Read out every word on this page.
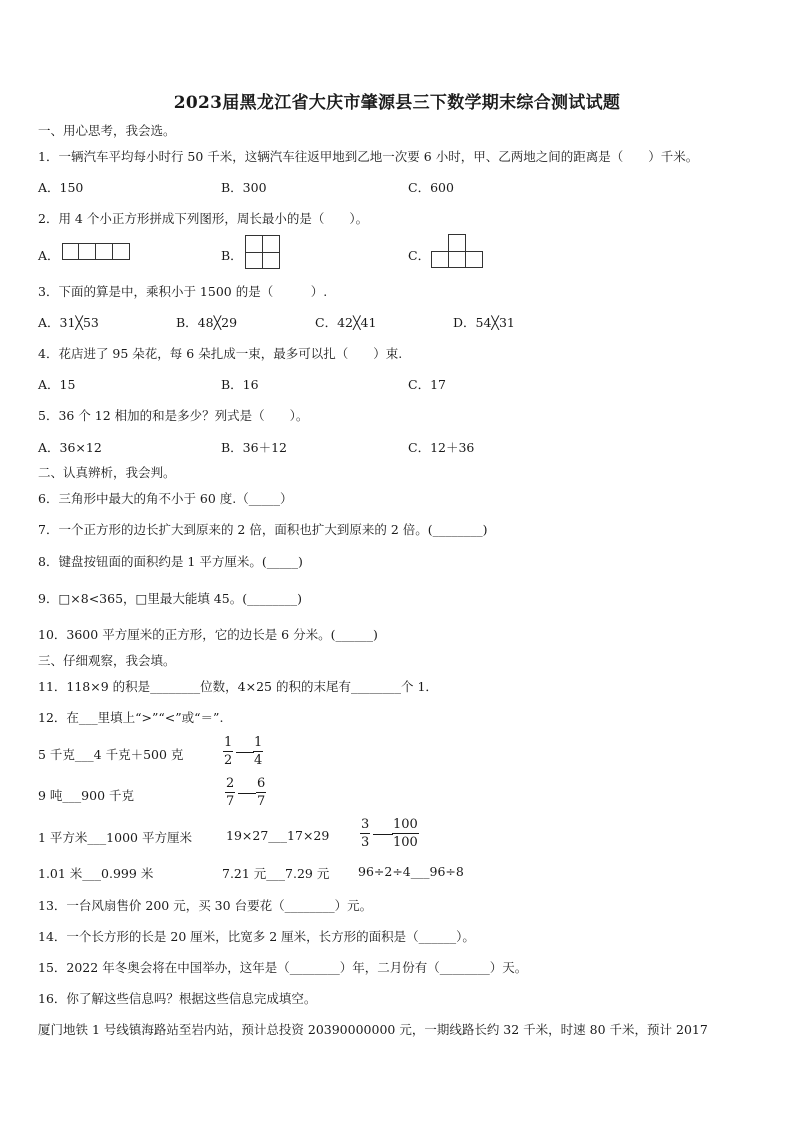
2023届黑龙江省大庆市肇源县三下数学期末综合测试试题
一、用心思考，我会选。
1．一辆汽车平均每小时行 50 千米，这辆汽车往返甲地到乙地一次要 6 小时，甲、乙两地之间的距离是（　　）千米。
A．150	B．300	C．600
2．用 4 个小正方形拼成下列图形，周长最小的是（　　）。
A．	B．	C．
3．下面的算是中，乘积小于 1500 的是（　　　）.
A．31╳53	B．48╳29	C．42╳41	D．54╳31
4．花店进了 95 朵花，每 6 朵扎成一束，最多可以扎（　　）束.
A．15	B．16	C．17
5．36 个 12 相加的和是多少？列式是（　　）。
A．36×12	B．36＋12	C．12＋36
二、认真辨析，我会判。
6．三角形中最大的角不小于 60 度.（_____）
7．一个正方形的边长扩大到原来的 2 倍，面积也扩大到原来的 2 倍。(________)
8．键盘按钮面的面积约是 1 平方厘米。(_____)
9．□×8<365，□里最大能填 45。(________)
10．3600 平方厘米的正方形，它的边长是 6 分米。(______)
三、仔细观察，我会填。
11．118×9 的积是________位数，4×25 的积的末尾有________个 1．
12．在___里填上“>”“<”或“＝”.
5 千克___4 千克＋500 克
1
2
1
4
9 吨___900 千克
2
7
6
7
1 平方米___1000 平方厘米	19×27___17×29
3
3
100
100
1.01 米___0.999 米	7.21 元___7.29 元 96÷2÷4___96÷8
13．一台风扇售价 200 元，买 30 台要花（________）元。
14．一个长方形的长是 20 厘米，比宽多 2 厘米，长方形的面积是（______）。
15．2022 年冬奥会将在中国举办，这年是（________）年，二月份有（________）天。
16．你了解这些信息吗？根据这些信息完成填空。
厦门地铁 1 号线镇海路站至岩内站，预计总投资 20390000000 元，一期线路长约 32 千米，时速 80 千米，预计 2017
